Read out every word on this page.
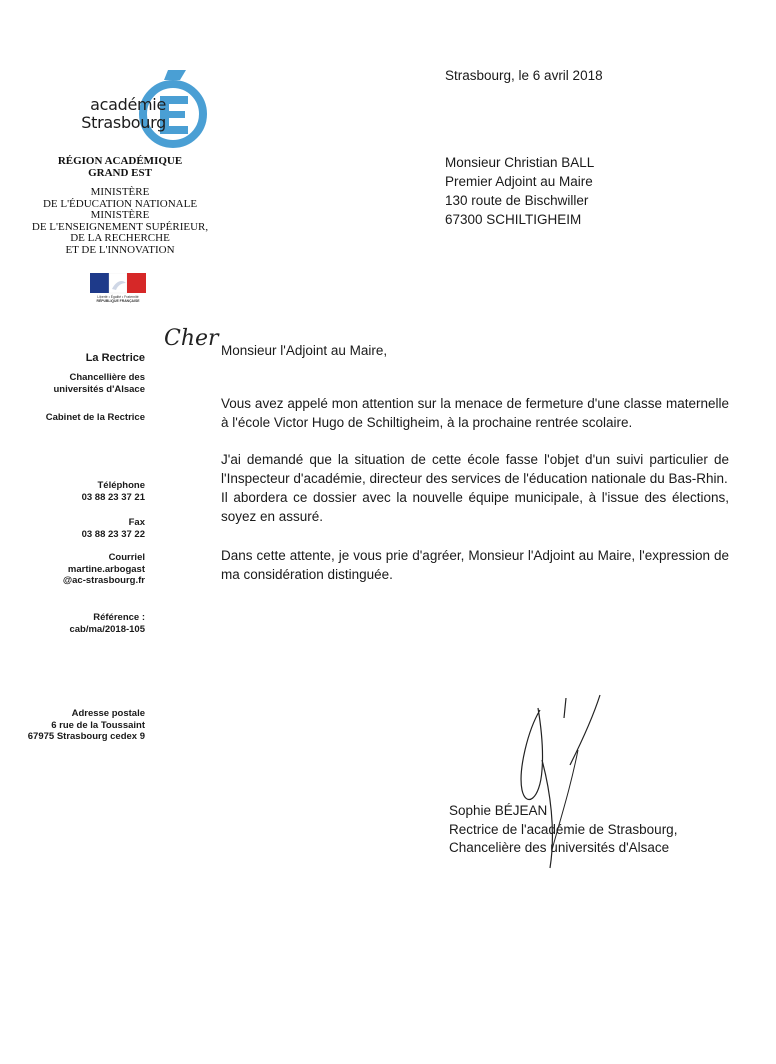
académie
Strasbourg
RÉGION ACADÉMIQUE
GRAND EST
MINISTÈRE
DE L'ÉDUCATION NATIONALE
MINISTÈRE
DE L'ENSEIGNEMENT SUPÉRIEUR,
DE LA RECHERCHE
ET DE L'INNOVATION
Liberté • Égalité • Fraternité
RÉPUBLIQUE FRANÇAISE
La Rectrice
Chancellière des
universités d'Alsace
Cabinet de la Rectrice
Téléphone
03 88 23 37 21
Fax
03 88 23 37 22
Courriel
martine.arbogast
@ac-strasbourg.fr
Référence :
cab/ma/2018-105
Adresse postale
6 rue de la Toussaint
67975 Strasbourg cedex 9
Strasbourg, le 6 avril 2018
Monsieur Christian BALL
Premier Adjoint au Maire
130 route de Bischwiller
67300 SCHILTIGHEIM
Cher Monsieur l'Adjoint au Maire,

Vous avez appelé mon attention sur la menace de fermeture d'une classe maternelle à l'école Victor Hugo de Schiltigheim, à la prochaine rentrée scolaire.

J'ai demandé que la situation de cette école fasse l'objet d'un suivi particulier de l'Inspecteur d'académie, directeur des services de l'éducation nationale du Bas-Rhin.

Il abordera ce dossier avec la nouvelle équipe municipale, à l'issue des élections, soyez en assuré.

Dans cette attente, je vous prie d'agréer, Monsieur l'Adjoint au Maire, l'expression de ma considération distinguée.

Sophie BÉJEAN
Rectrice de l'académie de Strasbourg,
Chancelière des universités d'Alsace
